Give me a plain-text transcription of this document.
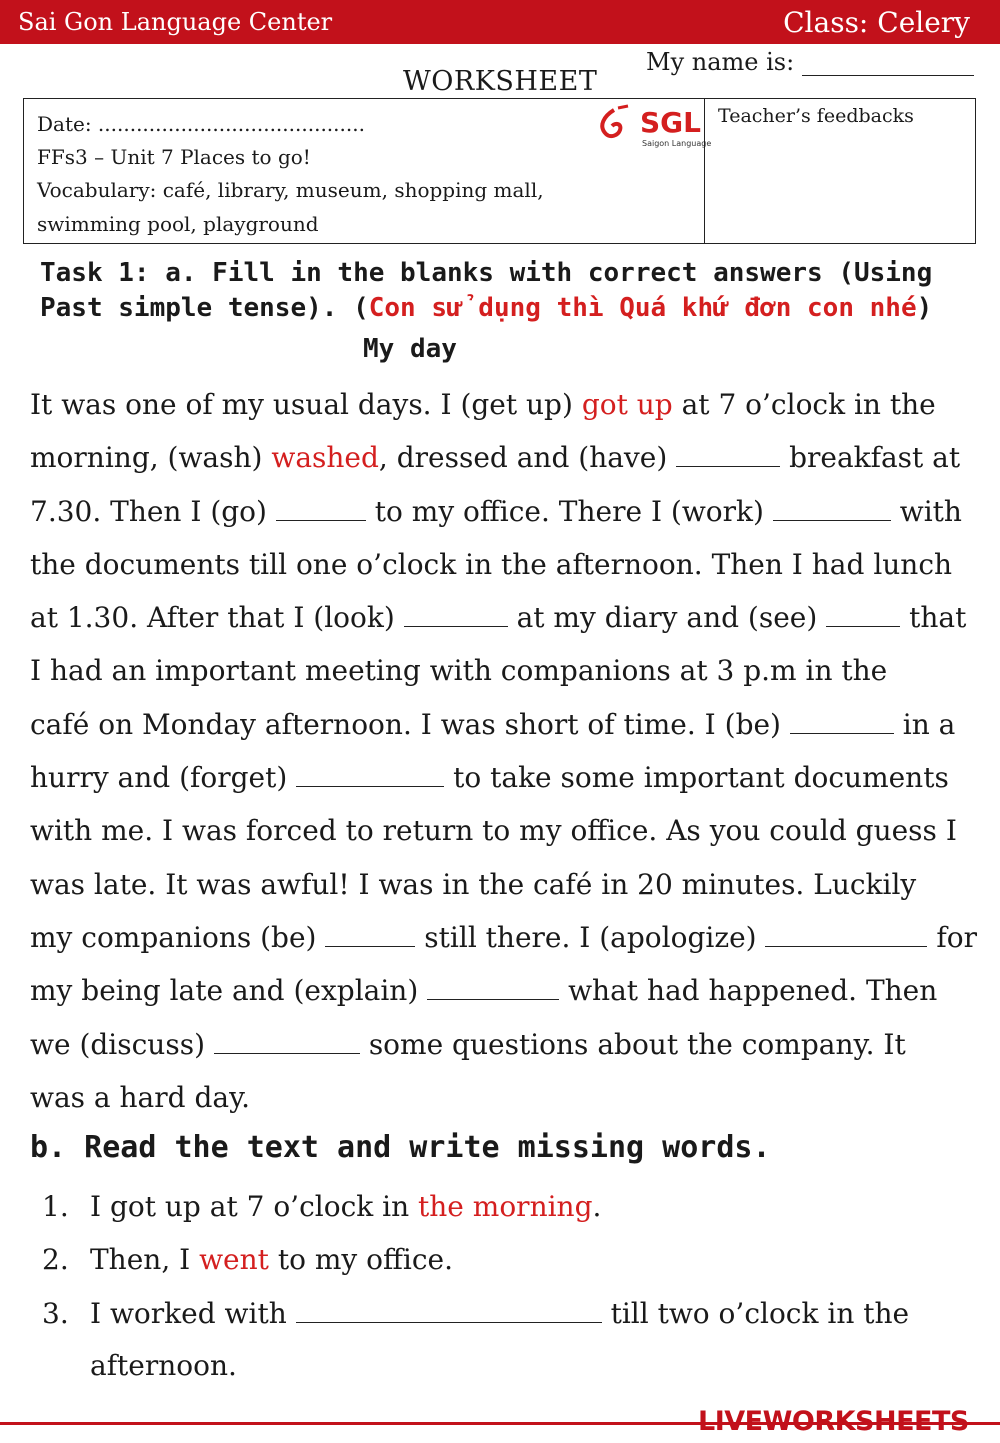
Sai Gon Language Center	Class: Celery
My name is:
WORKSHEET
Date: ..........................................
FFs3 – Unit 7 Places to go!
Vocabulary: café, library, museum, shopping mall,
swimming pool, playground
SGL
Saigon Language
Teacher’s feedbacks
Task 1: a. Fill in the blanks with correct answers (Using
Past simple tense). (Con sử dụng thì Quá khứ đơn con nhé)
My day
It was one of my usual days. I (get up) got up at 7 o’clock in the
morning, (wash) washed, dressed and (have)	breakfast at
7.30. Then I (go)	to my office. There I (work)	with
the documents till one o’clock in the afternoon. Then I had lunch
at 1.30. After that I (look)	at my diary and (see)	that
I had an important meeting with companions at 3 p.m in the
café on Monday afternoon. I was short of time. I (be)	in a
hurry and (forget)	to take some important documents
with me. I was forced to return to my office. As you could guess I
was late. It was awful! I was in the café in 20 minutes. Luckily
my companions (be)	still there. I (apologize)	for
my being late and (explain)	what had happened. Then
we (discuss)	some questions about the company. It
was a hard day.
b. Read the text and write missing words.
1. I got up at 7 o’clock in the morning.
2. Then, I went to my office.
3. I worked with	till two o’clock in the
afternoon.
LIVEWORKSHEETS
